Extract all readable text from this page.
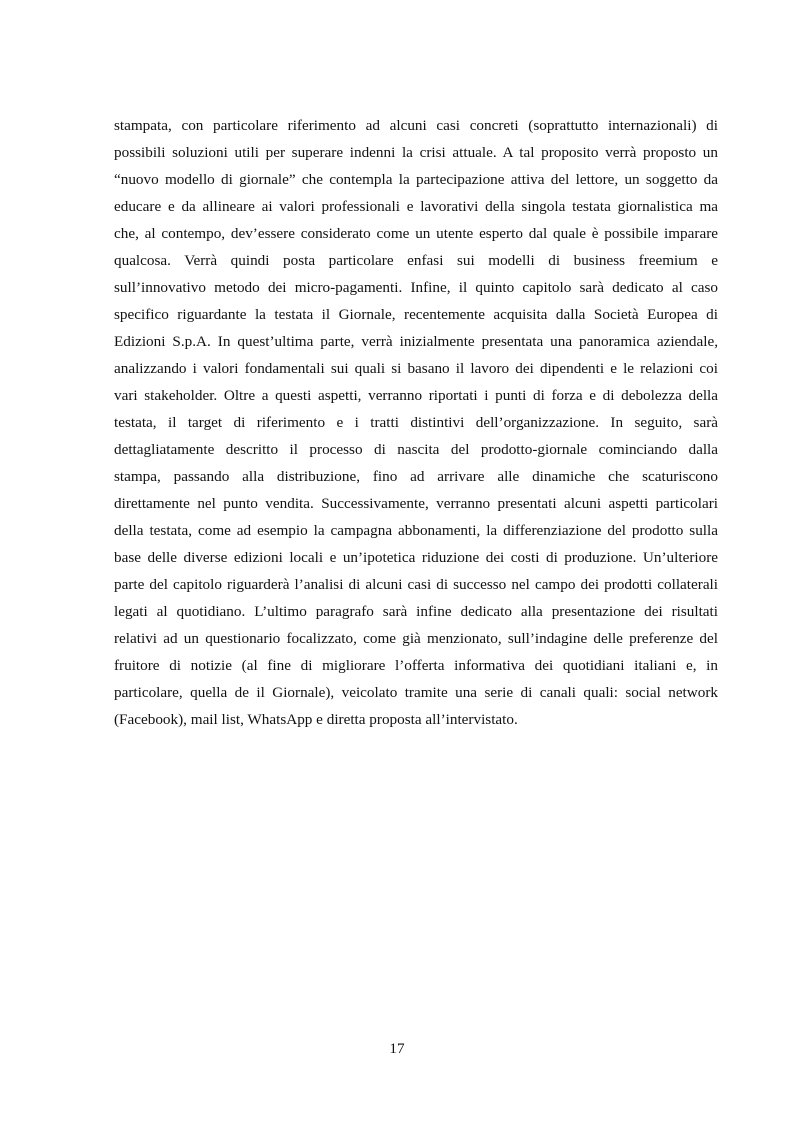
stampata, con particolare riferimento ad alcuni casi concreti (soprattutto internazionali) di
possibili soluzioni utili per superare indenni la crisi attuale. A tal proposito verrà proposto un
“nuovo modello di giornale” che contempla la partecipazione attiva del lettore, un soggetto da
educare e da allineare ai valori professionali e lavorativi della singola testata giornalistica ma
che, al contempo, dev’essere considerato come un utente esperto dal quale è possibile imparare
qualcosa. Verrà quindi posta particolare enfasi sui modelli di business freemium e
sull’innovativo metodo dei micro-pagamenti. Infine, il quinto capitolo sarà dedicato al caso
specifico riguardante la testata il Giornale, recentemente acquisita dalla Società Europea di
Edizioni S.p.A. In quest’ultima parte, verrà inizialmente presentata una panoramica aziendale,
analizzando i valori fondamentali sui quali si basano il lavoro dei dipendenti e le relazioni coi
vari stakeholder. Oltre a questi aspetti, verranno riportati i punti di forza e di debolezza della
testata, il target di riferimento e i tratti distintivi dell’organizzazione. In seguito, sarà
dettagliatamente descritto il processo di nascita del prodotto-giornale cominciando dalla
stampa, passando alla distribuzione, fino ad arrivare alle dinamiche che scaturiscono
direttamente nel punto vendita. Successivamente, verranno presentati alcuni aspetti particolari
della testata, come ad esempio la campagna abbonamenti, la differenziazione del prodotto sulla
base delle diverse edizioni locali e un’ipotetica riduzione dei costi di produzione. Un’ulteriore
parte del capitolo riguarderà l’analisi di alcuni casi di successo nel campo dei prodotti collaterali
legati al quotidiano. L’ultimo paragrafo sarà infine dedicato alla presentazione dei risultati
relativi ad un questionario focalizzato, come già menzionato, sull’indagine delle preferenze del
fruitore di notizie (al fine di migliorare l’offerta informativa dei quotidiani italiani e, in
particolare, quella de il Giornale), veicolato tramite una serie di canali quali: social network
(Facebook), mail list, WhatsApp e diretta proposta all’intervistato.
17
